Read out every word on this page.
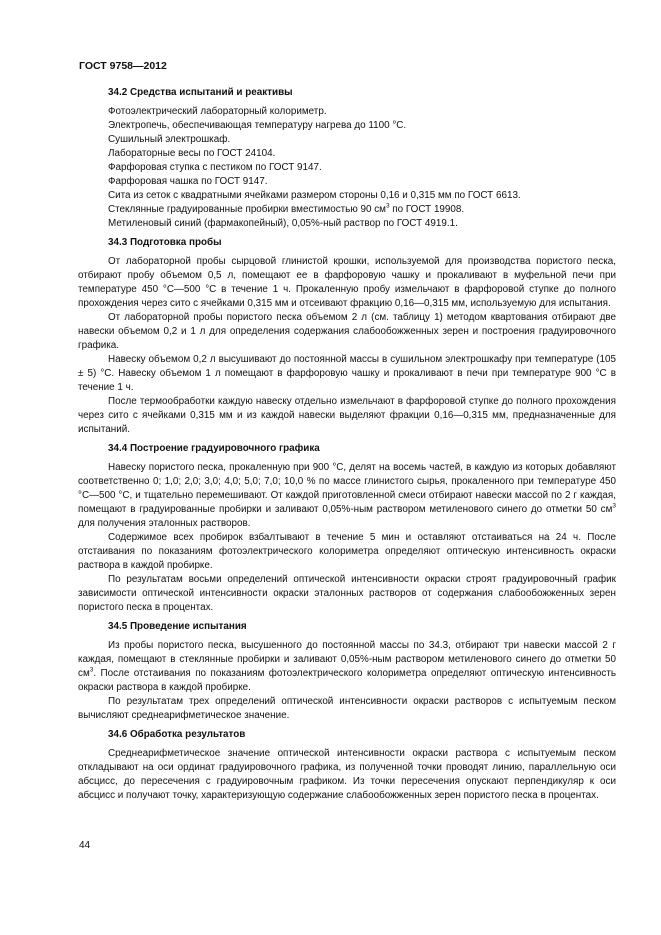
ГОСТ 9758—2012

34.2 Средства испытаний и реактивы

Фотоэлектрический лабораторный колориметр.

Электропечь, обеспечивающая температуру нагрева до 1100 °С.

Сушильный электрошкаф.

Лабораторные весы по ГОСТ 24104.

Фарфоровая ступка с пестиком по ГОСТ 9147.

Фарфоровая чашка по ГОСТ 9147.

Сита из сеток с квадратными ячейками размером стороны 0,16 и 0,315 мм по ГОСТ 6613.

Стеклянные градуированные пробирки вместимостью 90 $см^3$ по ГОСТ 19908.

Метиленовый синий (фармакопейный), 0,05%-ный раствор по ГОСТ 4919.1.

34.3 Подготовка пробы

От лабораторной пробы сырцовой глинистой крошки, используемой для производства пористого песка, отбирают пробу объемом 0,5 л, помещают ее в фарфоровую чашку и прокаливают в муфельной печи при температуре 450 °С—500 °С в течение 1 ч. Прокаленную пробу измельчают в фарфоровой ступке до полного прохождения через сито с ячейками 0,315 мм и отсеивают фракцию 0,16—0,315 мм, используемую для испытания.

От лабораторной пробы пористого песка объемом 2 л (см. таблицу 1) методом квартования отбирают две навески объемом 0,2 и 1 л для определения содержания слабообожженных зерен и построения градуировочного графика.

Навеску объемом 0,2 л высушивают до постоянной массы в сушильном электрошкафу при температуре (105 ± 5) °С. Навеску объемом 1 л помещают в фарфоровую чашку и прокаливают в печи при температуре 900 °С в течение 1 ч.

После термообработки каждую навеску отдельно измельчают в фарфоровой ступке до полного прохождения через сито с ячейками 0,315 мм и из каждой навески выделяют фракции 0,16—0,315 мм, предназначенные для испытаний.

34.4 Построение градуировочного графика

Навеску пористого песка, прокаленную при 900 °С, делят на восемь частей, в каждую из которых добавляют соответственно 0; 1,0; 2,0; 3,0; 4,0; 5,0; 7,0; 10,0 % по массе глинистого сырья, прокаленного при температуре 450 °С—500 °С, и тщательно перемешивают. От каждой приготовленной смеси отбирают навески массой по 2 г каждая, помещают в градуированные пробирки и заливают 0,05%-ным раствором метиленового синего до отметки 50 $см^3$ для получения эталонных растворов.

Содержимое всех пробирок взбалтывают в течение 5 мин и оставляют отстаиваться на 24 ч. После отстаивания по показаниям фотоэлектрического колориметра определяют оптическую интенсивность окраски раствора в каждой пробирке.

По результатам восьми определений оптической интенсивности окраски строят градуировочный график зависимости оптической интенсивности окраски эталонных растворов от содержания слабообожженных зерен пористого песка в процентах.

34.5 Проведение испытания

Из пробы пористого песка, высушенного до постоянной массы по 34.3, отбирают три навески массой 2 г каждая, помещают в стеклянные пробирки и заливают 0,05%-ным раствором метиленового синего до отметки 50 $см^3$. После отстаивания по показаниям фотоэлектрического колориметра определяют оптическую интенсивность окраски раствора в каждой пробирке.

По результатам трех определений оптической интенсивности окраски растворов с испытуемым песком вычисляют среднеарифметическое значение.

34.6 Обработка результатов

Среднеарифметическое значение оптической интенсивности окраски раствора с испытуемым песком откладывают на оси ординат градуировочного графика, из полученной точки проводят линию, параллельную оси абсцисс, до пересечения с градуировочным графиком. Из точки пересечения опускают перпендикуляр к оси абсцисс и получают точку, характеризующую содержание слабообожженных зерен пористого песка в процентах.

44
